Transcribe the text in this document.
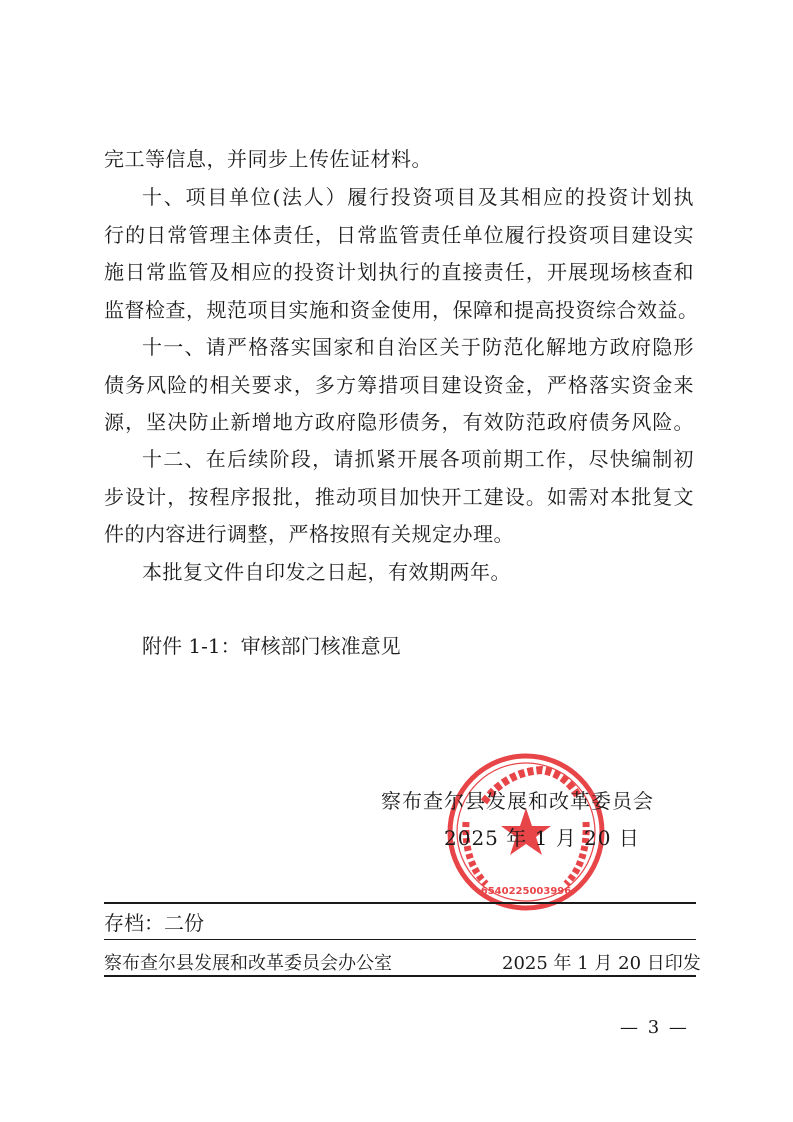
完工等信息，并同步上传佐证材料。
十、项目单位(法人）履行投资项目及其相应的投资计划执
行的日常管理主体责任，日常监管责任单位履行投资项目建设实
施日常监管及相应的投资计划执行的直接责任，开展现场核查和
监督检查，规范项目实施和资金使用，保障和提高投资综合效益。
十一、请严格落实国家和自治区关于防范化解地方政府隐形
债务风险的相关要求，多方筹措项目建设资金，严格落实资金来
源，坚决防止新增地方政府隐形债务，有效防范政府债务风险。
十二、在后续阶段，请抓紧开展各项前期工作，尽快编制初
步设计，按程序报批，推动项目加快开工建设。如需对本批复文
件的内容进行调整，严格按照有关规定办理。
本批复文件自印发之日起，有效期两年。
附件 1-1：审核部门核准意见
6540225003996
察布查尔县发展和改革委员会
2025 年 1 月 20 日
存档：二份
察布查尔县发展和改革委员会办公室	2025 年 1 月 20 日印发
— 3 —
